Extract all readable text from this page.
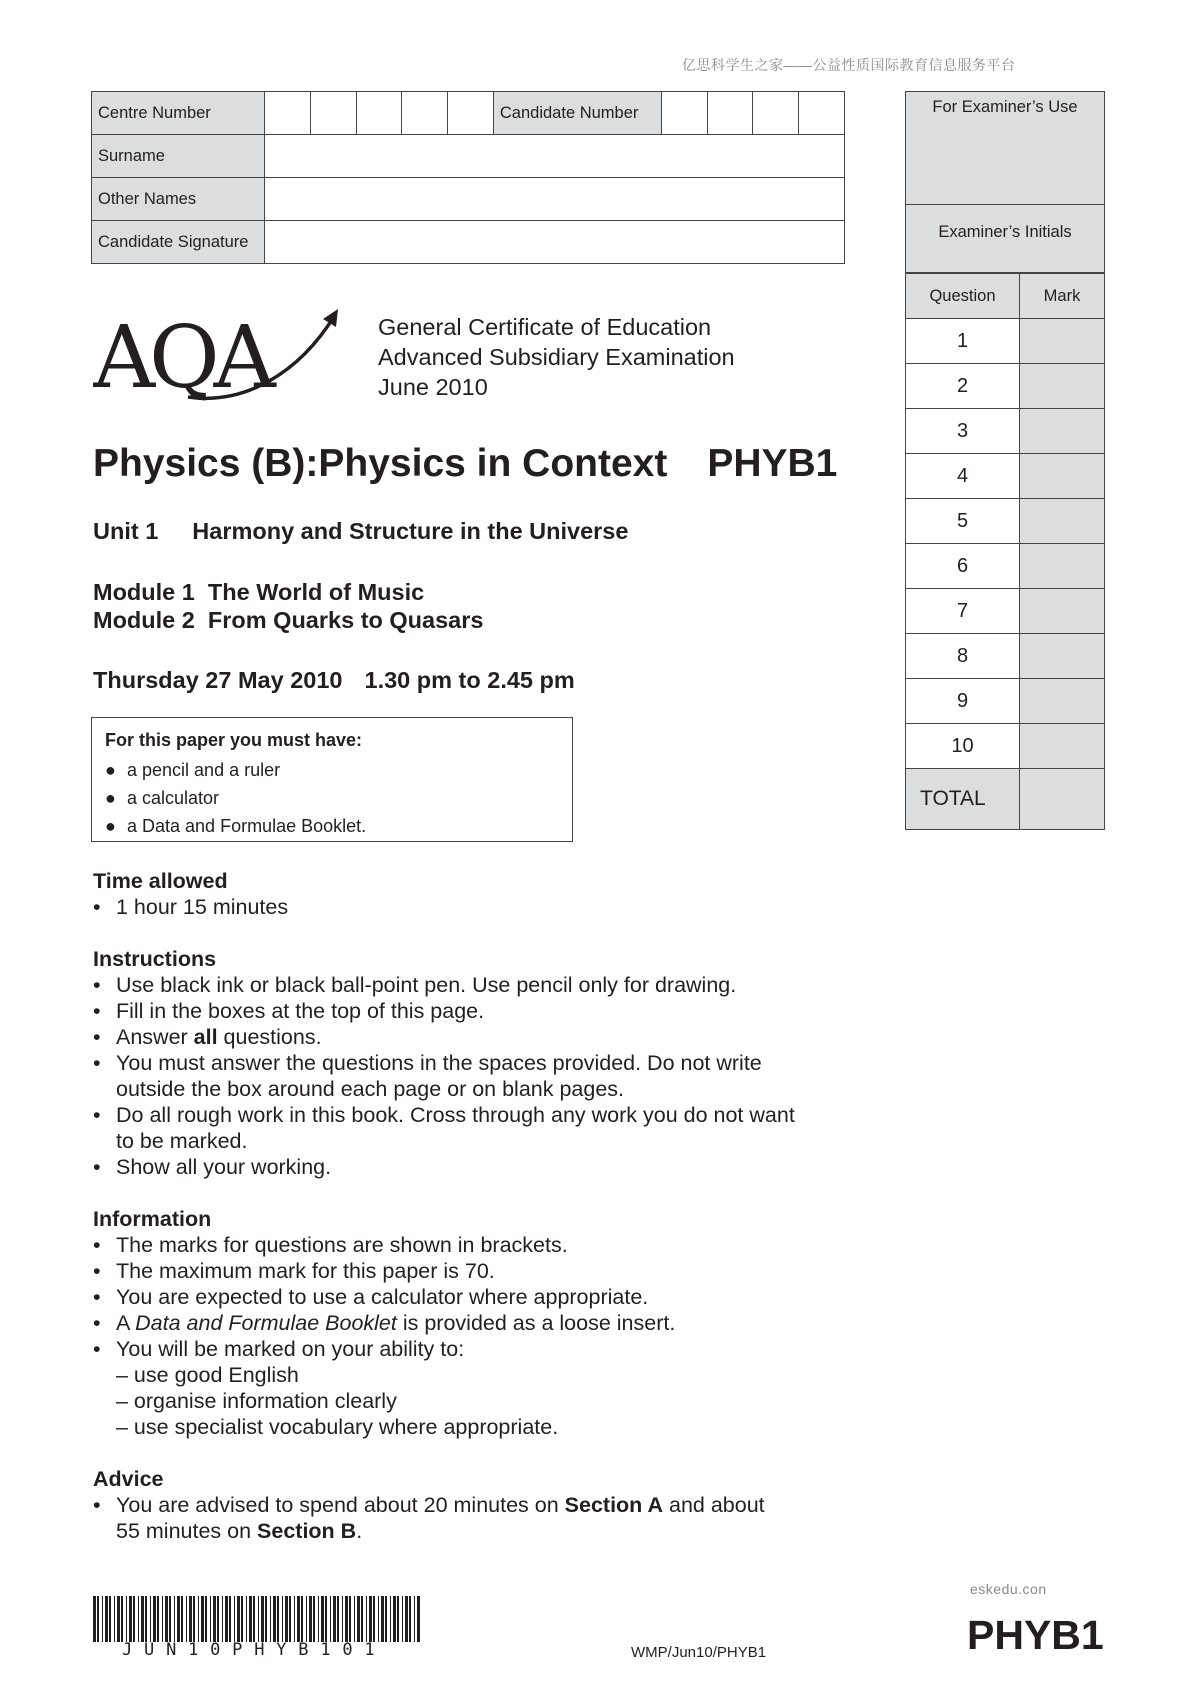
亿思科学生之家——公益性质国际教育信息服务平台
Centre Number						Candidate Number				
Surname										
Other Names										
Candidate Signature										
For Examiner’s Use
Examiner’s Initials
Question	Mark
1	
2	
3	
4	
5	
6	
7	
8	
9	
10	
TOTAL	
AQA	General Certificate of Education
Advanced Subsidiary Examination
June 2010
Physics (B):Physics in Context PHYB1
Unit 1 Harmony and Structure in the Universe
Module 1  The World of Music
Module 2  From Quarks to Quasars
Thursday 27 May 2010 1.30 pm to 2.45 pm
For this paper you must have:
● a pencil and a ruler
● a calculator
● a Data and Formulae Booklet.
Time allowed
• 1 hour 15 minutes
Instructions
• Use black ink or black ball-point pen. Use pencil only for drawing.
• Fill in the boxes at the top of this page.
• Answer all questions.
• You must answer the questions in the spaces provided. Do not write outside the box around each page or on blank pages.
• Do all rough work in this book. Cross through any work you do not want to be marked.
• Show all your working.
Information
• The marks for questions are shown in brackets.
• The maximum mark for this paper is 70.
• You are expected to use a calculator where appropriate.
• A Data and Formulae Booklet is provided as a loose insert.
• You will be marked on your ability to:
– use good English
– organise information clearly
– use specialist vocabulary where appropriate.
Advice
• You are advised to spend about 20 minutes on Section A and about
55 minutes on Section B.
eskedu.con
JUN10PHYB101	WMP/Jun10/PHYB1	PHYB1
